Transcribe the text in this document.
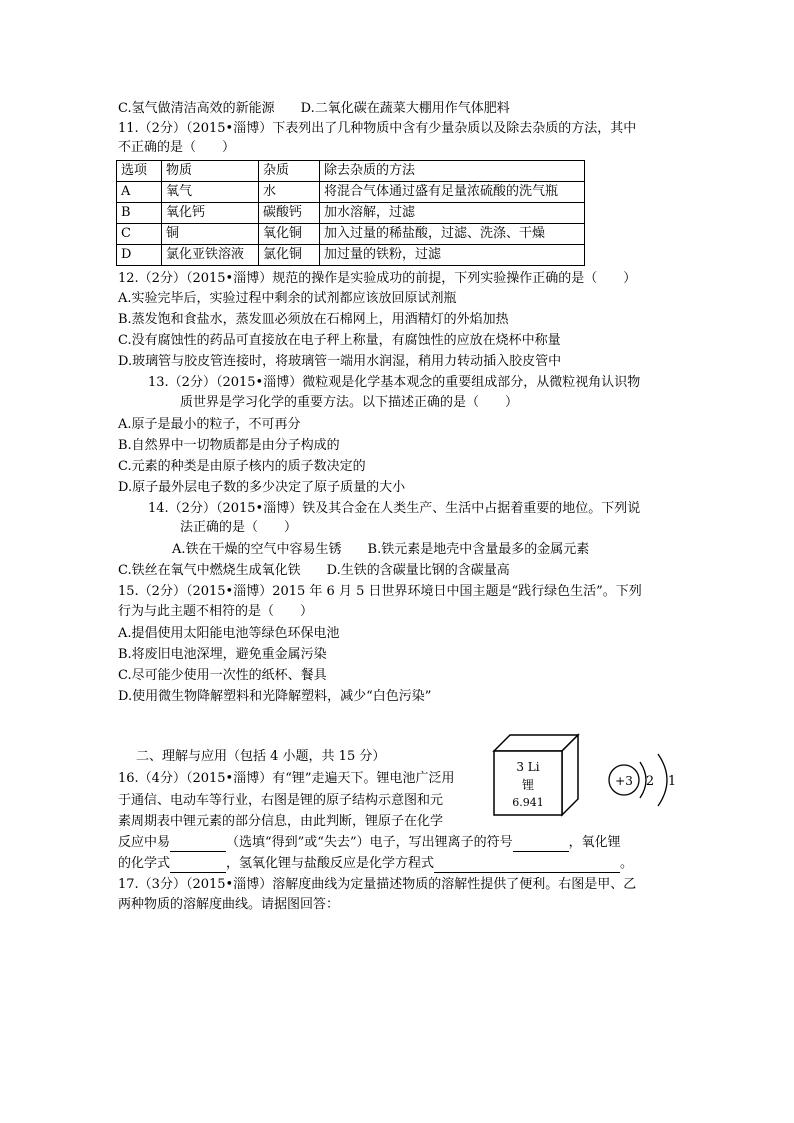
C.氢气做清洁高效的新能源　　D.二氧化碳在蔬菜大棚用作气体肥料
11.（2分）（2015•淄博）下表列出了几种物质中含有少量杂质以及除去杂质的方法，其中
不正确的是（　　）
选项	物质	杂质	除去杂质的方法
A	氧气	水	将混合气体通过盛有足量浓硫酸的洗气瓶
B	氧化钙	碳酸钙	加水溶解，过滤
C	铜	氧化铜	加入过量的稀盐酸，过滤、洗涤、干燥
D	氯化亚铁溶液	氯化铜	加过量的铁粉，过滤
12.（2分）（2015•淄博）规范的操作是实验成功的前提，下列实验操作正确的是（　　）
A.实验完毕后，实验过程中剩余的试剂都应该放回原试剂瓶
B.蒸发饱和食盐水，蒸发皿必须放在石棉网上，用酒精灯的外焰加热
C.没有腐蚀性的药品可直接放在电子秤上称量，有腐蚀性的应放在烧杯中称量
D.玻璃管与胶皮管连接时，将玻璃管一端用水润湿，稍用力转动插入胶皮管中
13.（2分）（2015•淄博）微粒观是化学基本观念的重要组成部分，从微粒视角认识物
质世界是学习化学的重要方法。以下描述正确的是（　　）
A.原子是最小的粒子，不可再分
B.自然界中一切物质都是由分子构成的
C.元素的种类是由原子核内的质子数决定的
D.原子最外层电子数的多少决定了原子质量的大小
14.（2分）（2015•淄博）铁及其合金在人类生产、生活中占据着重要的地位。下列说
法正确的是（　　）
A.铁在干燥的空气中容易生锈　　B.铁元素是地壳中含量最多的金属元素
C.铁丝在氧气中燃烧生成氧化铁　　D.生铁的含碳量比钢的含碳量高
15.（2分）（2015•淄博）2015 年 6 月 5 日世界环境日中国主题是“践行绿色生活”。下列
行为与此主题不相符的是（　　）
A.提倡使用太阳能电池等绿色环保电池
B.将废旧电池深埋，避免重金属污染
C.尽可能少使用一次性的纸杯、餐具
D.使用微生物降解塑料和光降解塑料，减少“白色污染”
二、理解与应用（包括 4 小题，共 15 分）
16.（4分）（2015•淄博）有“锂”走遍天下。锂电池广泛用
于通信、电动车等行业，右图是锂的原子结构示意图和元
素周期表中锂元素的部分信息，由此判断，锂原子在化学
反应中易	（选填“得到”或“失去”）电子，写出锂离子的符号	，氧化锂
的化学式	，氢氧化锂与盐酸反应是化学方程式	。
17.（3分）（2015•淄博）溶解度曲线为定量描述物质的溶解性提供了便利。右图是甲、乙
两种物质的溶解度曲线。请据图回答：
3 Li
锂
6.941
+3 2 1
